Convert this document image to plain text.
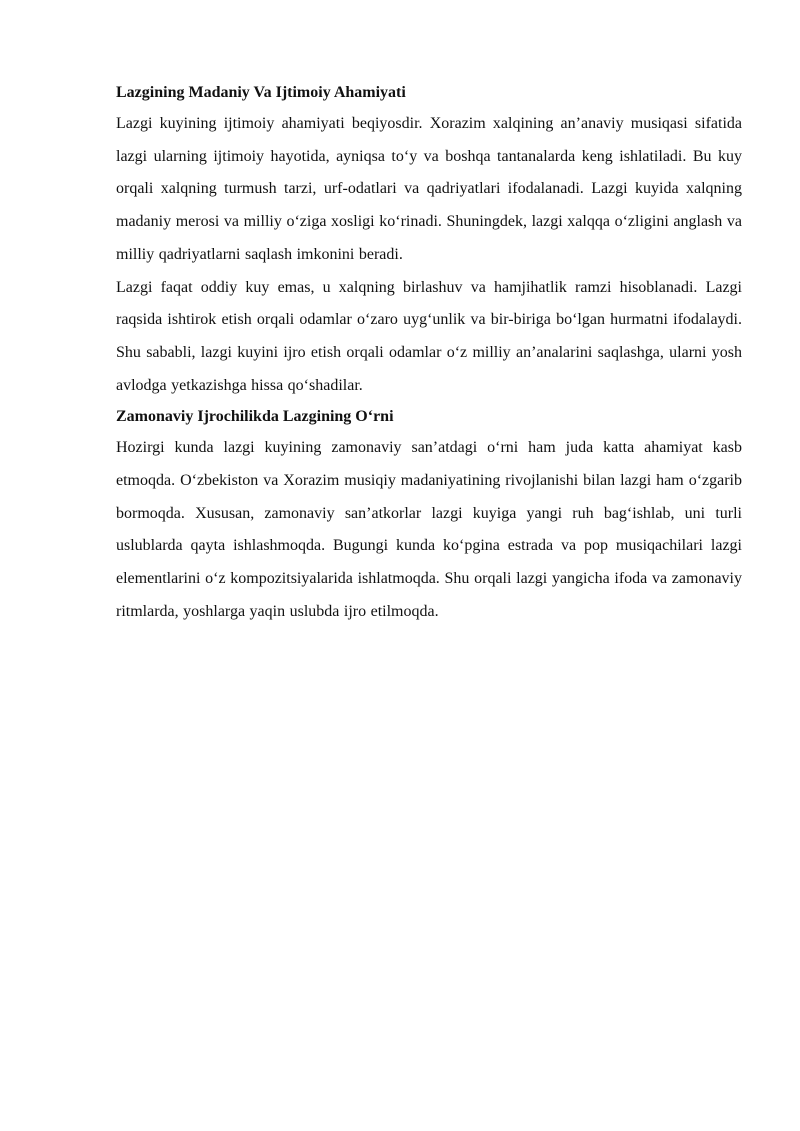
Lazgining Madaniy Va Ijtimoiy Ahamiyati

Lazgi kuyining ijtimoiy ahamiyati beqiyosdir. Xorazim xalqining an’anaviy musiqasi sifatida lazgi ularning ijtimoiy hayotida, ayniqsa to‘y va boshqa tantanalarda keng ishlatiladi. Bu kuy orqali xalqning turmush tarzi, urf-odatlari va qadriyatlari ifodalanadi. Lazgi kuyida xalqning madaniy merosi va milliy o‘ziga xosligi ko‘rinadi. Shuningdek, lazgi xalqqa o‘zligini anglash va milliy qadriyatlarni saqlash imkonini beradi.

Lazgi faqat oddiy kuy emas, u xalqning birlashuv va hamjihatlik ramzi hisoblanadi. Lazgi raqsida ishtirok etish orqali odamlar o‘zaro uyg‘unlik va bir-biriga bo‘lgan hurmatni ifodalaydi. Shu sababli, lazgi kuyini ijro etish orqali odamlar o‘z milliy an’analarini saqlashga, ularni yosh avlodga yetkazishga hissa qo‘shadilar.

Zamonaviy Ijrochilikda Lazgining O‘rni

Hozirgi kunda lazgi kuyining zamonaviy san’atdagi o‘rni ham juda katta ahamiyat kasb etmoqda. O‘zbekiston va Xorazim musiqiy madaniyatining rivojlanishi bilan lazgi ham o‘zgarib bormoqda. Xususan, zamonaviy san’atkorlar lazgi kuyiga yangi ruh bag‘ishlab, uni turli uslublarda qayta ishlashmoqda. Bugungi kunda ko‘pgina estrada va pop musiqachilari lazgi elementlarini o‘z kompozitsiyalarida ishlatmoqda. Shu orqali lazgi yangicha ifoda va zamonaviy ritmlarda, yoshlarga yaqin uslubda ijro etilmoqda.
